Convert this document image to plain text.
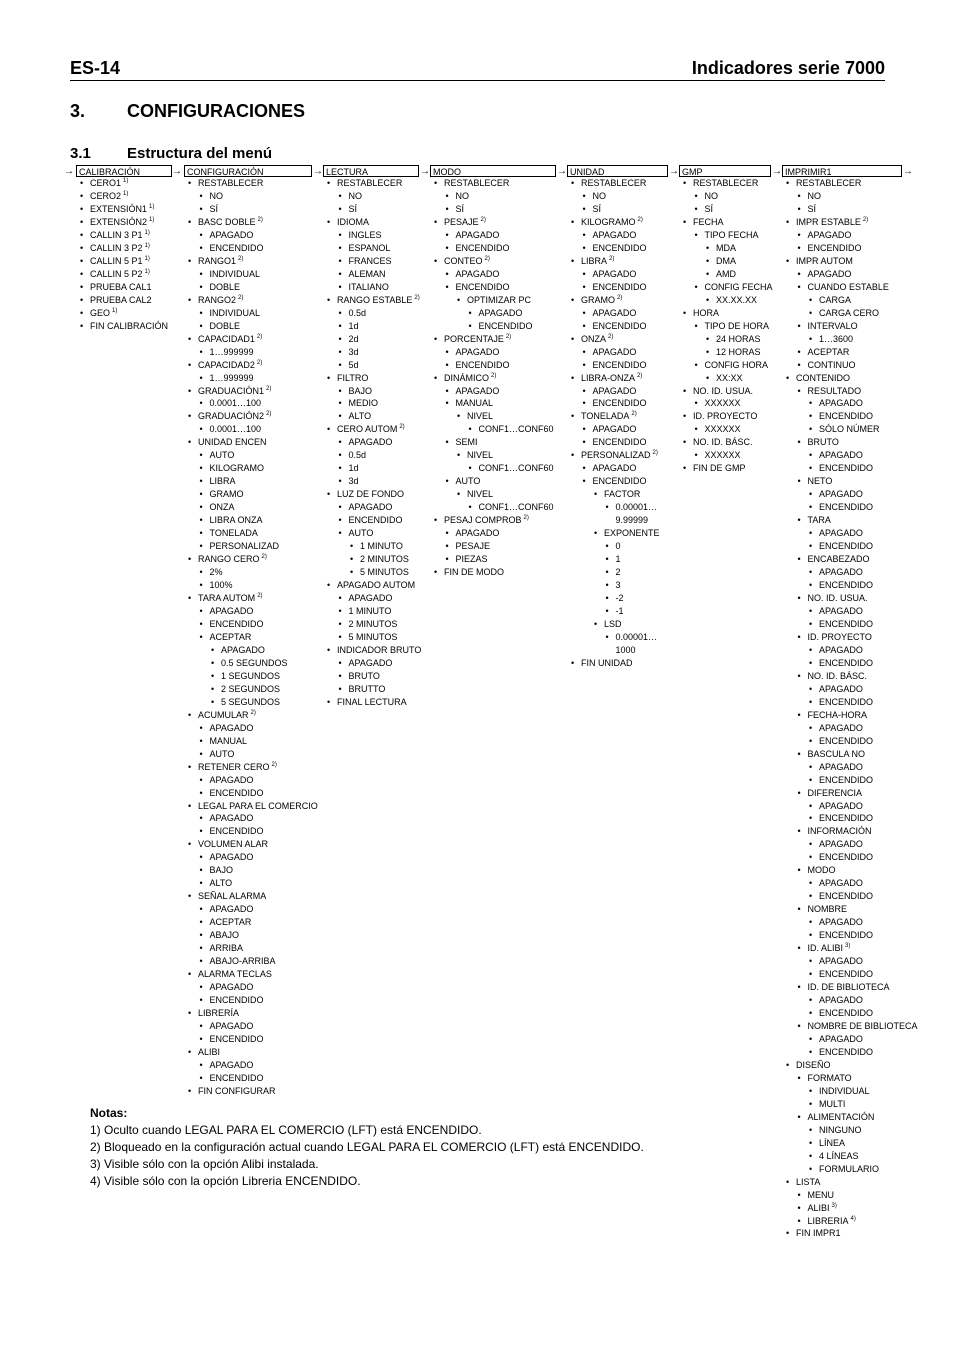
ES-14	Indicadores serie 7000
3. CONFIGURACIONES
3.1 Estructura del menú
→	→	→	→	→	→	→	→
CALIBRACIÓN
• CERO1 $^{1)}$
• CERO2 $^{1)}$
• EXTENSIÓN1 $^{1)}$
• EXTENSIÓN2 $^{1)}$
• CALLIN 3 P1 $^{1)}$
• CALLIN 3 P2 $^{1)}$
• CALLIN 5 P1 $^{1)}$
• CALLIN 5 P2 $^{1)}$
• PRUEBA CAL1
• PRUEBA CAL2
• GEO $^{1)}$
• FIN CALIBRACIÓN
CONFIGURACIÓN
• RESTABLECER
• NO
• SÍ
• BASC DOBLE $^{2)}$
• APAGADO
• ENCENDIDO
• RANGO1 $^{2)}$
• INDIVIDUAL
• DOBLE
• RANGO2 $^{2)}$
• INDIVIDUAL
• DOBLE
• CAPACIDAD1 $^{2)}$
• 1…999999
• CAPACIDAD2 $^{2)}$
• 1…999999
• GRADUACIÓN1 $^{2)}$
• 0.0001…100
• GRADUACIÓN2 $^{2)}$
• 0.0001…100
• UNIDAD ENCEN
• AUTO
• KILOGRAMO
• LIBRA
• GRAMO
• ONZA
• LIBRA ONZA
• TONELADA
• PERSONALIZAD
• RANGO CERO $^{2)}$
• 2%
• 100%
• TARA AUTOM $^{2)}$
• APAGADO
• ENCENDIDO
• ACEPTAR
• APAGADO
• 0.5 SEGUNDOS
• 1 SEGUNDOS
• 2 SEGUNDOS
• 5 SEGUNDOS
• ACUMULAR $^{2)}$
• APAGADO
• MANUAL
• AUTO
• RETENER CERO $^{2)}$
• APAGADO
• ENCENDIDO
• LEGAL PARA EL COMERCIO
• APAGADO
• ENCENDIDO
• VOLUMEN ALAR
• APAGADO
• BAJO
• ALTO
• SEÑAL ALARMA
• APAGADO
• ACEPTAR
• ABAJO
• ARRIBA
• ABAJO-ARRIBA
• ALARMA TECLAS
• APAGADO
• ENCENDIDO
• LIBRERÍA
• APAGADO
• ENCENDIDO
• ALIBI
• APAGADO
• ENCENDIDO
• FIN CONFIGURAR
LECTURA
• RESTABLECER
• NO
• SÍ
• IDIOMA
• INGLES
• ESPANOL
• FRANCES
• ALEMAN
• ITALIANO
• RANGO ESTABLE $^{2)}$
• 0.5d
• 1d
• 2d
• 3d
• 5d
• FILTRO
• BAJO
• MEDIO
• ALTO
• CERO AUTOM $^{2)}$
• APAGADO
• 0.5d
• 1d
• 3d
• LUZ DE FONDO
• APAGADO
• ENCENDIDO
• AUTO
• 1 MINUTO
• 2 MINUTOS
• 5 MINUTOS
• APAGADO AUTOM
• APAGADO
• 1 MINUTO
• 2 MINUTOS
• 5 MINUTOS
• INDICADOR BRUTO
• APAGADO
• BRUTO
• BRUTTO
• FINAL LECTURA
MODO
• RESTABLECER
• NO
• SÍ
• PESAJE $^{2)}$
• APAGADO
• ENCENDIDO
• CONTEO $^{2)}$
• APAGADO
• ENCENDIDO
• OPTIMIZAR PC
• APAGADO
• ENCENDIDO
• PORCENTAJE $^{2)}$
• APAGADO
• ENCENDIDO
• DINÁMICO $^{2)}$
• APAGADO
• MANUAL
• NIVEL
• CONF1…CONF60
• SEMI
• NIVEL
• CONF1…CONF60
• AUTO
• NIVEL
• CONF1…CONF60
• PESAJ COMPROB $^{2)}$
• APAGADO
• PESAJE
• PIEZAS
• FIN DE MODO
UNIDAD
• RESTABLECER
• NO
• SÍ
• KILOGRAMO $^{2)}$
• APAGADO
• ENCENDIDO
• LIBRA $^{2)}$
• APAGADO
• ENCENDIDO
• GRAMO $^{2)}$
• APAGADO
• ENCENDIDO
• ONZA $^{2)}$
• APAGADO
• ENCENDIDO
• LIBRA-ONZA $^{2)}$
• APAGADO
• ENCENDIDO
• TONELADA $^{2)}$
• APAGADO
• ENCENDIDO
• PERSONALIZAD $^{2)}$
• APAGADO
• ENCENDIDO
• FACTOR
• 0.00001…
9.99999
• EXPONENTE
• 0
• 1
• 2
• 3
• -2
• -1
• LSD
• 0.00001…
1000
• FIN UNIDAD
GMP
• RESTABLECER
• NO
• SÍ
• FECHA
• TIPO FECHA
• MDA
• DMA
• AMD
• CONFIG FECHA
• XX.XX.XX
• HORA
• TIPO DE HORA
• 24 HORAS
• 12 HORAS
• CONFIG HORA
• XX:XX
• NO. ID. USUA.
• XXXXXX
• ID. PROYECTO
• XXXXXX
• NO. ID. BÁSC.
• XXXXXX
• FIN DE GMP
IMPRIMIR1
• RESTABLECER
• NO
• SÍ
• IMPR ESTABLE $^{2)}$
• APAGADO
• ENCENDIDO
• IMPR AUTOM
• APAGADO
• CUANDO ESTABLE
• CARGA
• CARGA CERO
• INTERVALO
• 1…3600
• ACEPTAR
• CONTINUO
• CONTENIDO
• RESULTADO
• APAGADO
• ENCENDIDO
• SÓLO NÚMER
• BRUTO
• APAGADO
• ENCENDIDO
• NETO
• APAGADO
• ENCENDIDO
• TARA
• APAGADO
• ENCENDIDO
• ENCABEZADO
• APAGADO
• ENCENDIDO
• NO. ID. USUA.
• APAGADO
• ENCENDIDO
• ID. PROYECTO
• APAGADO
• ENCENDIDO
• NO. ID. BÁSC.
• APAGADO
• ENCENDIDO
• FECHA-HORA
• APAGADO
• ENCENDIDO
• BASCULA NO
• APAGADO
• ENCENDIDO
• DIFERENCIA
• APAGADO
• ENCENDIDO
• INFORMACIÓN
• APAGADO
• ENCENDIDO
• MODO
• APAGADO
• ENCENDIDO
• NOMBRE
• APAGADO
• ENCENDIDO
• ID. ALIBI $^{3)}$
• APAGADO
• ENCENDIDO
• ID. DE BIBLIOTECA
• APAGADO
• ENCENDIDO
• NOMBRE DE BIBLIOTECA
• APAGADO
• ENCENDIDO
• DISEÑO
• FORMATO
• INDIVIDUAL
• MULTI
• ALIMENTACIÓN
• NINGUNO
• LÍNEA
• 4 LÍNEAS
• FORMULARIO
• LISTA
• MENU
• ALIBI $^{3)}$
• LIBRERIA $^{4)}$
• FIN IMPR1
Notas:
1) Oculto cuando LEGAL PARA EL COMERCIO (LFT) está ENCENDIDO.
2) Bloqueado en la configuración actual cuando LEGAL PARA EL COMERCIO (LFT) está ENCENDIDO.
3) Visible sólo con la opción Alibi instalada.
4) Visible sólo con la opción Libreria ENCENDIDO.
